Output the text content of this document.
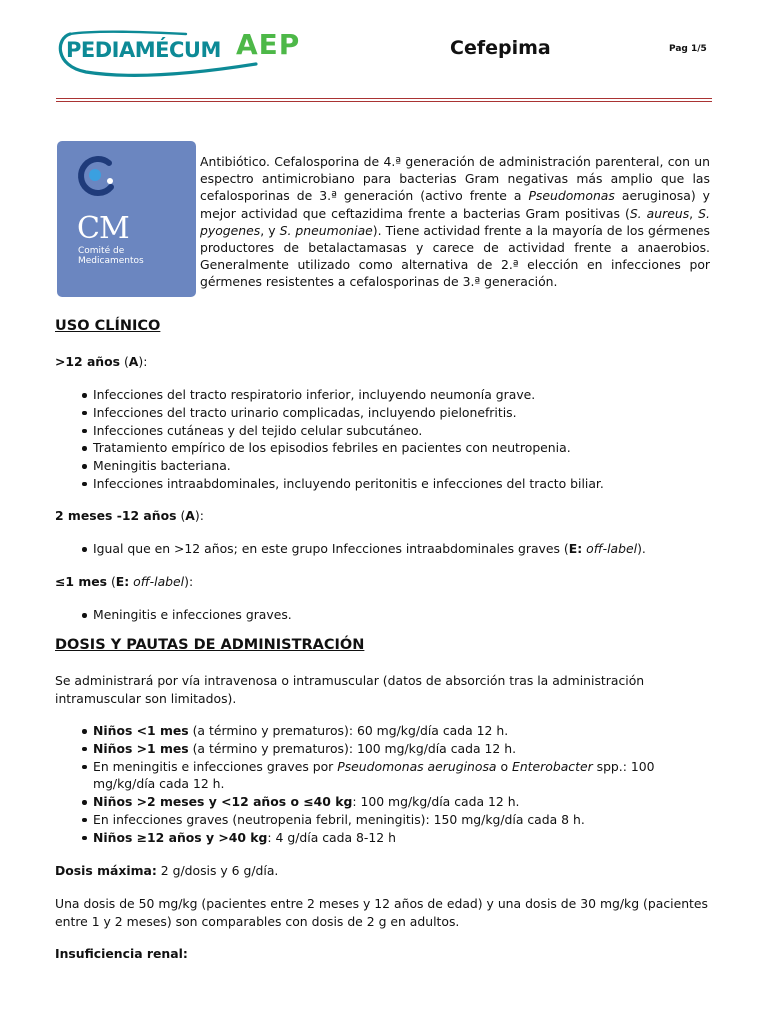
PEDIAMÉCUM AEP	Cefepima	Pag 1/5
CM
Comité de
Medicamentos
Antibiótico. Cefalosporina de 4.ª generación de administración parenteral, con un espectro antimicrobiano para bacterias Gram negativas más amplio que las cefalosporinas de 3.ª generación (activo frente a Pseudomonas aeruginosa) y mejor actividad que ceftazidima frente a bacterias Gram positivas (S. aureus, S. pyogenes, y S. pneumoniae). Tiene actividad frente a la mayoría de los gérmenes productores de betalactamasas y carece de actividad frente a anaerobios. Generalmente utilizado como alternativa de 2.ª elección en infecciones por gérmenes resistentes a cefalosporinas de 3.ª generación.
USO CLÍNICO
>12 años (A):
Infecciones del tracto respiratorio inferior, incluyendo neumonía grave.
Infecciones del tracto urinario complicadas, incluyendo pielonefritis.
Infecciones cutáneas y del tejido celular subcutáneo.
Tratamiento empírico de los episodios febriles en pacientes con neutropenia.
Meningitis bacteriana.
Infecciones intraabdominales, incluyendo peritonitis e infecciones del tracto biliar.
2 meses -12 años (A):
Igual que en >12 años; en este grupo Infecciones intraabdominales graves (E: off-label).
≤1 mes (E: off-label):
Meningitis e infecciones graves.
DOSIS Y PAUTAS DE ADMINISTRACIÓN
Se administrará por vía intravenosa o intramuscular (datos de absorción tras la administración intramuscular son limitados).
Niños <1 mes (a término y prematuros): 60 mg/kg/día cada 12 h.
Niños >1 mes (a término y prematuros): 100 mg/kg/día cada 12 h.
En meningitis e infecciones graves por Pseudomonas aeruginosa o Enterobacter spp.: 100 mg/kg/día cada 12 h.
Niños >2 meses y <12 años o ≤40 kg: 100 mg/kg/día cada 12 h.
En infecciones graves (neutropenia febril, meningitis): 150 mg/kg/día cada 8 h.
Niños ≥12 años y >40 kg: 4 g/día cada 8-12 h
Dosis máxima: 2 g/dosis y 6 g/día.
Una dosis de 50 mg/kg (pacientes entre 2 meses y 12 años de edad) y una dosis de 30 mg/kg (pacientes entre 1 y 2 meses) son comparables con dosis de 2 g en adultos.
Insuficiencia renal:
